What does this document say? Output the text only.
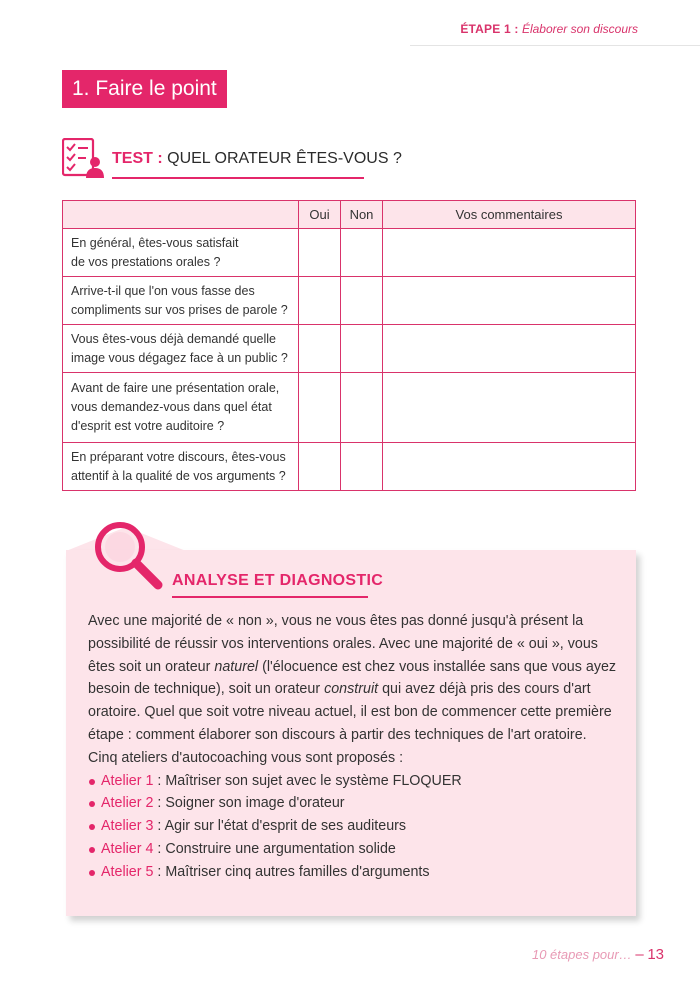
ÉTAPE 1 : Élaborer son discours
1. Faire le point
TEST : QUEL ORATEUR ÊTES-VOUS ?
	Oui	Non	Vos commentaires

En général, êtes-vous satisfait
de vos prestations orales ?			

Arrive-t-il que l'on vous fasse des
compliments sur vos prises de parole ?			

Vous êtes-vous déjà demandé quelle
image vous dégagez face à un public ?			

Avant de faire une présentation orale,
vous demandez-vous dans quel état
d'esprit est votre auditoire ?			

En préparant votre discours, êtes-vous
attentif à la qualité de vos arguments ?			

ANALYSE ET DIAGNOSTIC

Avec une majorité de « non », vous ne vous êtes pas donné jusqu'à présent la possibilité de réussir vos interventions orales. Avec une majorité de « oui », vous êtes soit un orateur naturel (l'élocuence est chez vous installée sans que vous ayez besoin de technique), soit un orateur construit qui avez déjà pris des cours d'art oratoire. Quel que soit votre niveau actuel, il est bon de commencer cette première étape : comment élaborer son discours à partir des techniques de l'art oratoire.

Cinq ateliers d'autocoaching vous sont proposés :

Atelier 1 : Maîtriser son sujet avec le système FLOQUER
Atelier 2 : Soigner son image d'orateur
Atelier 3 : Agir sur l'état d'esprit de ses auditeurs
Atelier 4 : Construire une argumentation solide
Atelier 5 : Maîtriser cinq autres familles d'arguments
10 étapes pour… – 13
